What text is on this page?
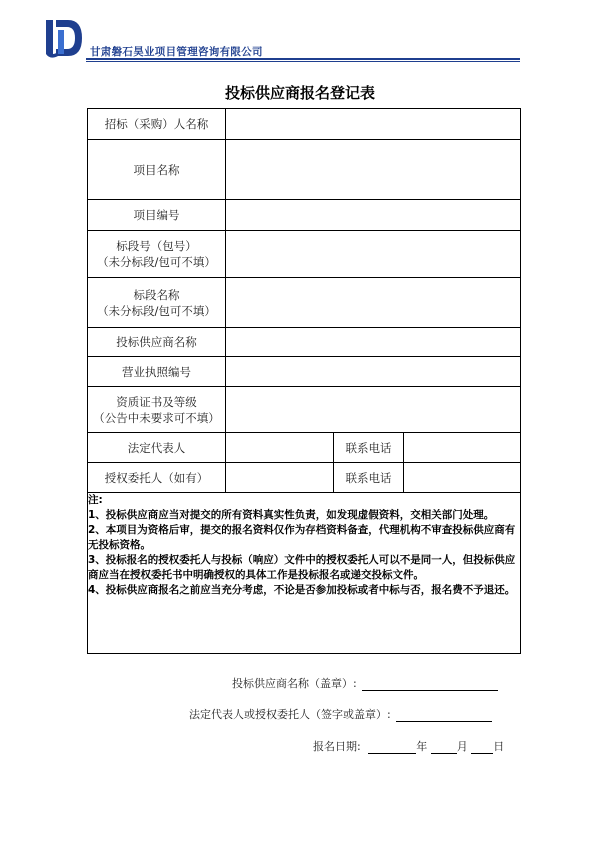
甘肃磐石昊业项目管理咨询有限公司
投标供应商报名登记表
招标（采购）人名称			
项目名称			
项目编号			

标段号（包号）
（未分标段/包可不填）			

标段名称
（未分标段/包可不填）			

投标供应商名称			
营业执照编号			

资质证书及等级
（公告中未要求可不填）			

法定代表人		联系电话	
授权委托人（如有）		联系电话	

注:
1、投标供应商应当对提交的所有资料真实性负责，如发现虚假资料，交相关部门处理。
2、本项目为资格后审，提交的报名资料仅作为存档资料备查，代理机构不审查投标供应商有无投标资格。
3、投标报名的授权委托人与投标（响应）文件中的授权委托人可以不是同一人，但投标供应商应当在授权委托书中明确授权的具体工作是投标报名或递交投标文件。
4、投标供应商报名之前应当充分考虑，不论是否参加投标或者中标与否，报名费不予退还。			
投标供应商名称（盖章）:
法定代表人或授权委托人（签字或盖章）:
报名日期:	年	月 日
